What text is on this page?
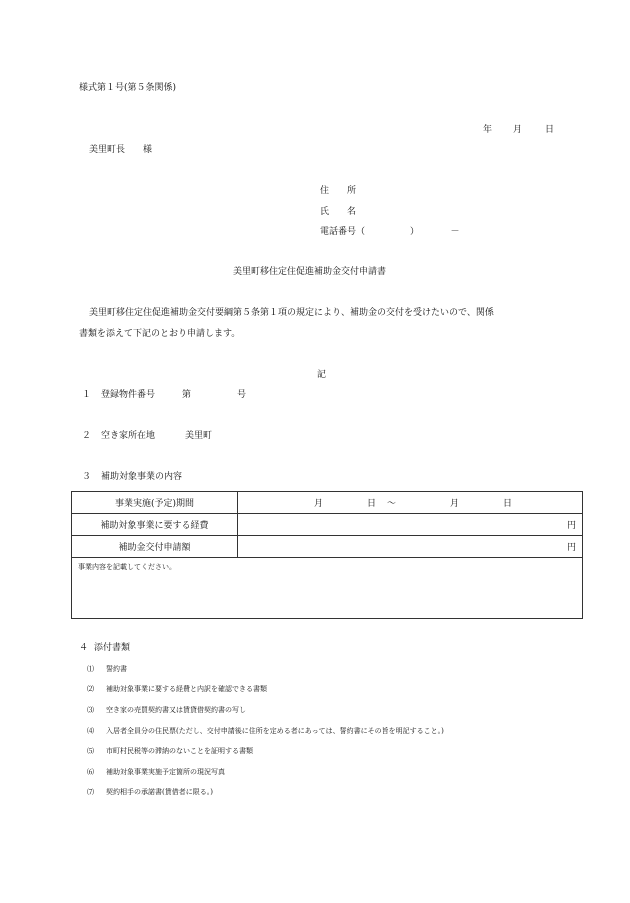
様式第１号(第５条関係)
年 月	日
美里町長　　様
住　　所
氏　　名
電話番号（　　　　　）　　　　－
美里町移住定住促進補助金交付申請書
美里町移住定住促進補助金交付要綱第５条第１項の規定により、補助金の交付を受けたいので、関係
書類を添えて下記のとおり申請します。
記
１ 登録物件番号	第	号
２ 空き家所在地	美里町
３ 補助対象事業の内容
事業実施(予定)期間	月 日 ～ 月 日

補助対象事業に要する経費	円
補助金交付申請額	円
事業内容を記載してください。	
４ 添付書類
⑴ 誓約書
⑵ 補助対象事業に要する経費と内訳を確認できる書類
⑶ 空き家の売買契約書又は賃貸借契約書の写し
⑷ 入居者全員分の住民票(ただし、交付申請後に住所を定める者にあっては、誓約書にその旨を明記すること。)
⑸ 市町村民税等の滞納のないことを証明する書類
⑹ 補助対象事業実施予定箇所の現況写真
⑺ 契約相手の承諾書(賃借者に限る。)
